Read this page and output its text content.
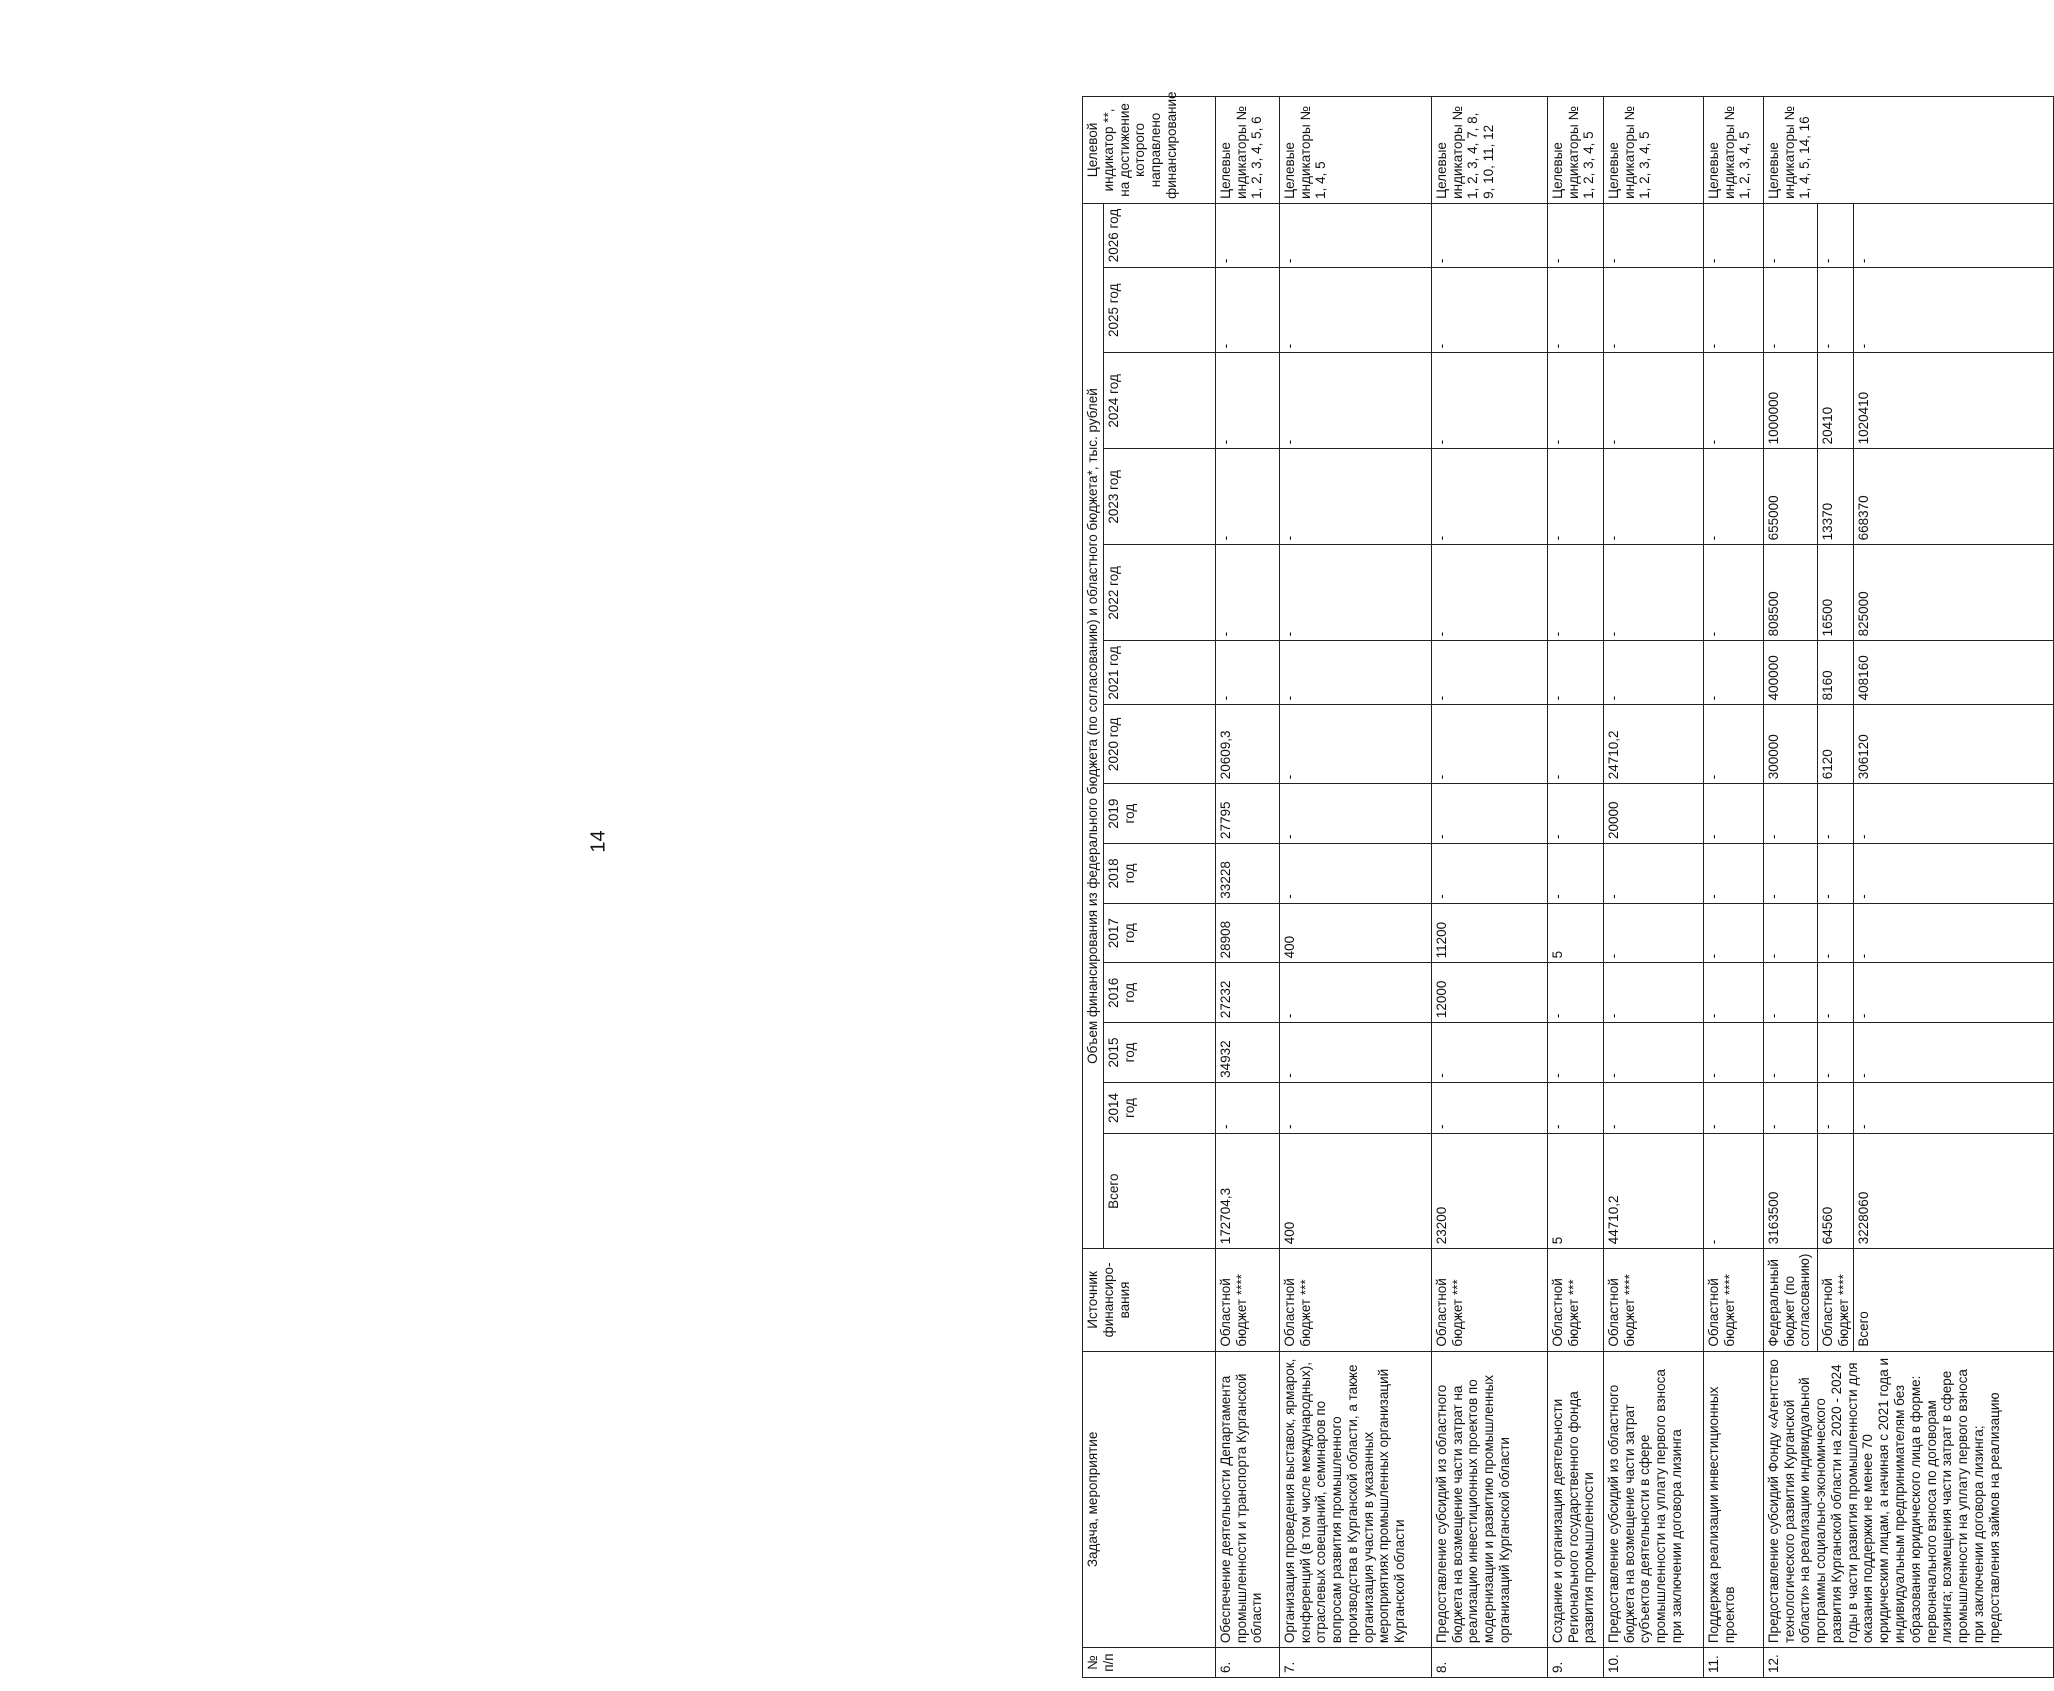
14
№ п/п	Задача, мероприятие	Источник финансиро-вания	Объем финансирования из федерального бюджета (по согласованию) и областного бюджета*, тыс. рублей														Целевой индикатор **, на достижение которого направлено финансирование
			Всего	2014 год	2015 год	2016 год	2017 год	2018 год	2019 год	2020 год	2021 год	2022 год	2023 год	2024 год	2025 год	2026 год	
6.	Обеспечение деятельности Департамента промышленности и транспорта Курганской области	Областной бюджет ****	172704,3	-	34932	27232	28908	33228	27795	20609,3	-	-	-	-	-	-	Целевые индикаторы № 1, 2, 3, 4, 5, 6
7.	Организация проведения выставок, ярмарок, конференций (в том числе международных), отраслевых совещаний, семинаров по вопросам развития промышленного производства в Курганской области, а также организация участия в указанных мероприятиях промышленных организаций Курганской области	Областной бюджет ***	400	-	-	-	400	-	-	-	-	-	-	-	-	-	Целевые индикаторы № 1, 4, 5
8.	Предоставление субсидий из областного бюджета на возмещение части затрат на реализацию инвестиционных проектов по модернизации и развитию промышленных организаций Курганской области	Областной бюджет ***	23200	-	-	12000	11200	-	-	-	-	-	-	-	-	-	Целевые индикаторы № 1, 2, 3, 4, 7, 8, 9, 10, 11, 12
9.	Создание и организация деятельности Регионального государственного фонда развития промышленности	Областной бюджет ***	5	-	-	-	5	-	-	-	-	-	-	-	-	-	Целевые индикаторы № 1, 2, 3, 4, 5
10.	Предоставление субсидий из областного бюджета на возмещение части затрат субъектов деятельности в сфере промышленности на уплату первого взноса при заключении договора лизинга	Областной бюджет ****	44710,2	-	-	-	-	-	20000	24710,2	-	-	-	-	-	-	Целевые индикаторы № 1, 2, 3, 4, 5
11.	Поддержка реализации инвестиционных проектов	Областной бюджет ****	-	-	-	-	-	-	-	-	-	-	-	-	-	-	Целевые индикаторы № 1, 2, 3, 4, 5
12.	Предоставление субсидий Фонду «Агентство технологического развития Курганской области» на реализацию индивидуальной программы социально-экономического развития Курганской области на 2020 - 2024 годы в части развития промышленности для оказания поддержки не менее 70 юридическим лицам, а начиная с 2021 года и индивидуальным предпринимателям без образования юридического лица в форме: первоначального взноса по договорам лизинга; возмещения части затрат в сфере промышленности на уплату первого взноса при заключении договора лизинга; предоставления займов на реализацию	Федеральный бюджет (по согласованию)	3163500	-	-	-	-	-	-	300000	400000	808500	655000	1000000	-	-	Целевые индикаторы № 1, 4, 5, 14, 16
		Областной бюджет ****	64560	-	-	-	-	-	-	6120	8160	16500	13370	20410	-	-	
		Всего	3228060	-	-	-	-	-	-	306120	408160	825000	668370	1020410	-	-	
